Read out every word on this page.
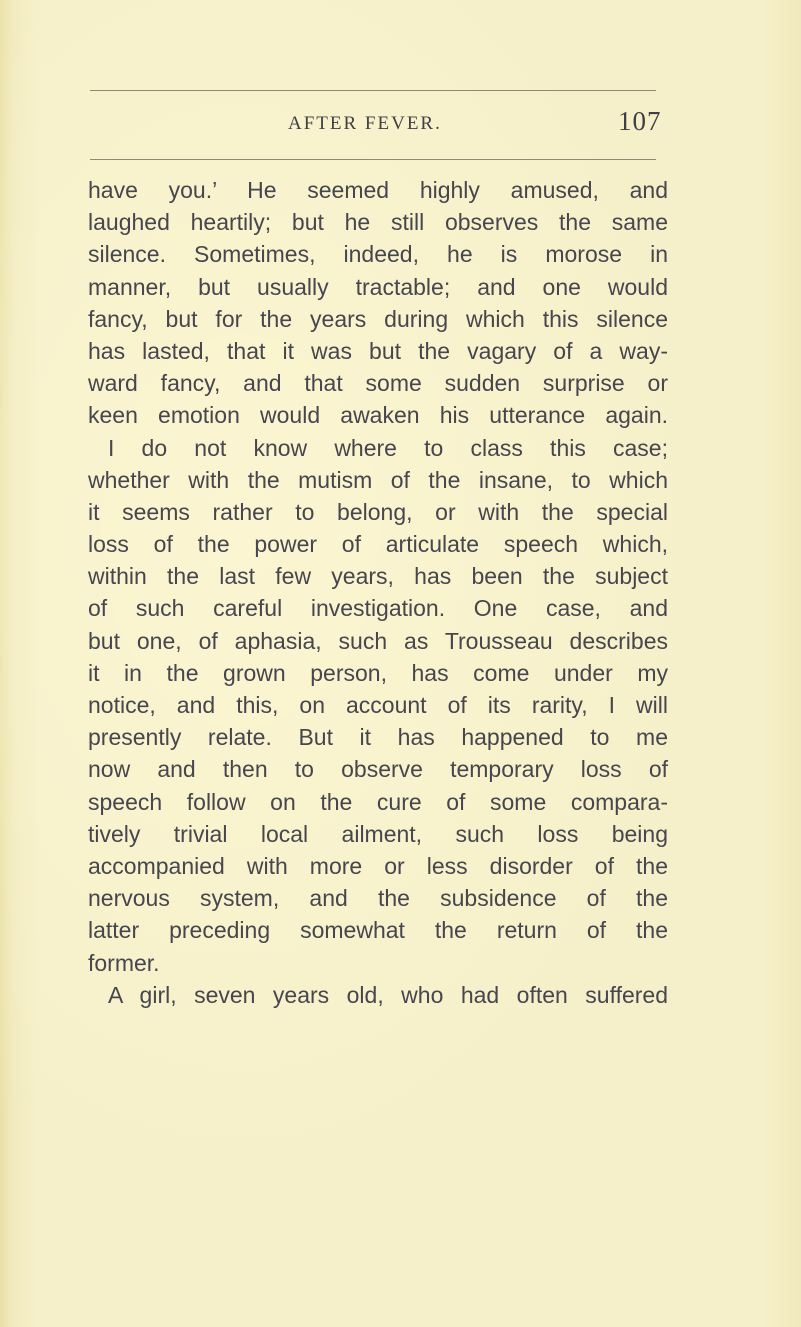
AFTER FEVER.	107
have you.’ He seemed highly amused, and
laughed heartily; but he still observes the same
silence. Sometimes, indeed, he is morose in
manner, but usually tractable; and one would
fancy, but for the years during which this silence
has lasted, that it was but the vagary of a way-
ward fancy, and that some sudden surprise or
keen emotion would awaken his utterance again.
I do not know where to class this case;
whether with the mutism of the insane, to which
it seems rather to belong, or with the special
loss of the power of articulate speech which,
within the last few years, has been the subject
of such careful investigation. One case, and
but one, of aphasia, such as Trousseau describes
it in the grown person, has come under my
notice, and this, on account of its rarity, I will
presently relate. But it has happened to me
now and then to observe temporary loss of
speech follow on the cure of some compara-
tively trivial local ailment, such loss being
accompanied with more or less disorder of the
nervous system, and the subsidence of the
latter preceding somewhat the return of the
former.
A girl, seven years old, who had often suffered
